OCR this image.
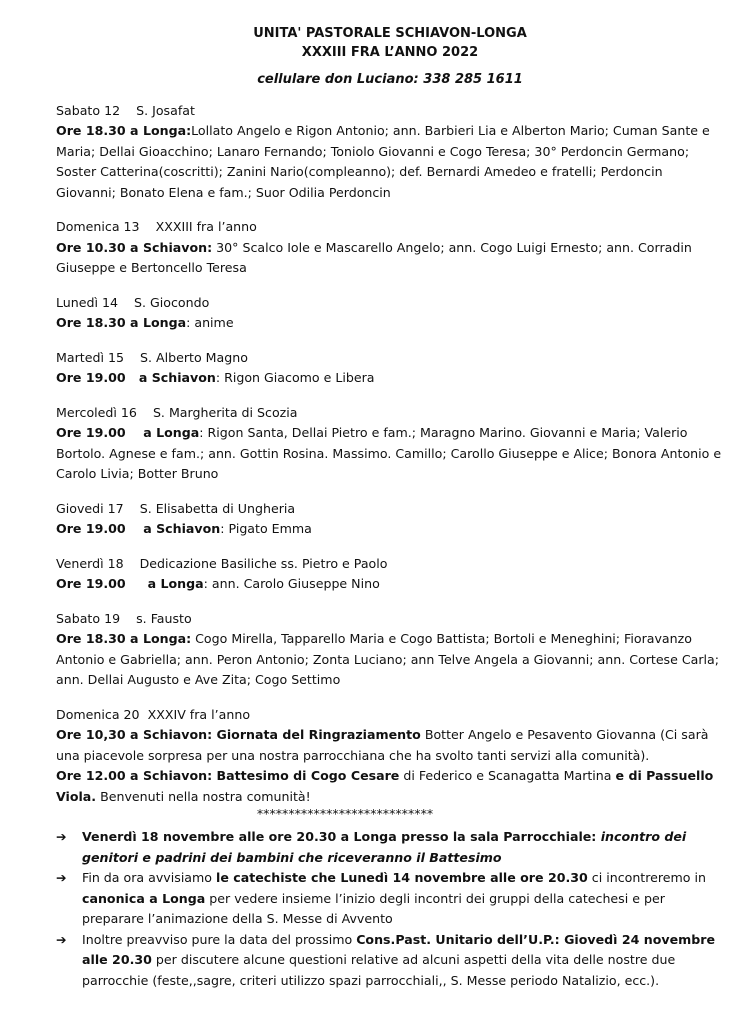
UNITA' PASTORALE SCHIAVON-LONGA
XXXIII FRA L’ANNO 2022
cellulare don Luciano: 338 285 1611
Sabato 12 S. Josafat
Ore 18.30 a Longa:Lollato Angelo e Rigon Antonio; ann. Barbieri Lia e Alberton Mario; Cuman Sante e Maria; Dellai Gioacchino; Lanaro Fernando; Toniolo Giovanni e Cogo Teresa; 30° Perdoncin Germano; Soster Catterina(coscritti); Zanini Nario(compleanno); def. Bernardi Amedeo e fratelli; Perdoncin Giovanni; Bonato Elena e fam.; Suor Odilia Perdoncin
Domenica 13 XXXIII fra l’anno
Ore 10.30 a Schiavon: 30° Scalco Iole e Mascarello Angelo; ann. Cogo Luigi Ernesto; ann. Corradin Giuseppe e Bertoncello Teresa
Lunedì 14 S. Giocondo
Ore 18.30 a Longa: anime
Martedì 15 S. Alberto Magno
Ore 19.00   a Schiavon: Rigon Giacomo e Libera
Mercoledì 16 S. Margherita di Scozia
Ore 19.00    a Longa: Rigon Santa, Dellai Pietro e fam.; Maragno Marino. Giovanni e Maria; Valerio Bortolo. Agnese e fam.; ann. Gottin Rosina. Massimo. Camillo; Carollo Giuseppe e Alice; Bonora Antonio e Carolo Livia; Botter Bruno
Giovedi 17 S. Elisabetta di Ungheria
Ore 19.00    a Schiavon: Pigato Emma
Venerdì 18 Dedicazione Basiliche ss. Pietro e Paolo
Ore 19.00     a Longa: ann. Carolo Giuseppe Nino
Sabato 19 s. Fausto
Ore 18.30 a Longa: Cogo Mirella, Tapparello Maria e Cogo Battista; Bortoli e Meneghini; Fioravanzo Antonio e Gabriella; ann. Peron Antonio; Zonta Luciano; ann Telve Angela a Giovanni; ann. Cortese Carla; ann. Dellai Augusto e Ave Zita; Cogo Settimo
Domenica 20 XXXIV fra l’anno
Ore 10,30 a Schiavon: Giornata del Ringraziamento Botter Angelo e Pesavento Giovanna (Ci sarà una piacevole sorpresa per una nostra parrocchiana che ha svolto tanti servizi alla comunità).
Ore 12.00 a Schiavon: Battesimo di Cogo Cesare di Federico e Scanagatta Martina e di Passuello Viola. Benvenuti nella nostra comunità!
****************************
➔ Venerdì 18 novembre alle ore 20.30 a Longa presso la sala Parrocchiale: incontro dei genitori e padrini dei bambini che riceveranno il Battesimo
➔ Fin da ora avvisiamo le catechiste che Lunedì 14 novembre alle ore 20.30 ci incontreremo in canonica a Longa per vedere insieme l’inizio degli incontri dei gruppi della catechesi e per preparare l’animazione della S. Messe di Avvento
➔ Inoltre preavviso pure la data del prossimo Cons.Past. Unitario dell’U.P.: Giovedì 24 novembre alle 20.30 per discutere alcune questioni relative ad alcuni aspetti della vita delle nostre due parrocchie (feste,,sagre, criteri utilizzo spazi parrocchiali,, S. Messe periodo Natalizio, ecc.).
